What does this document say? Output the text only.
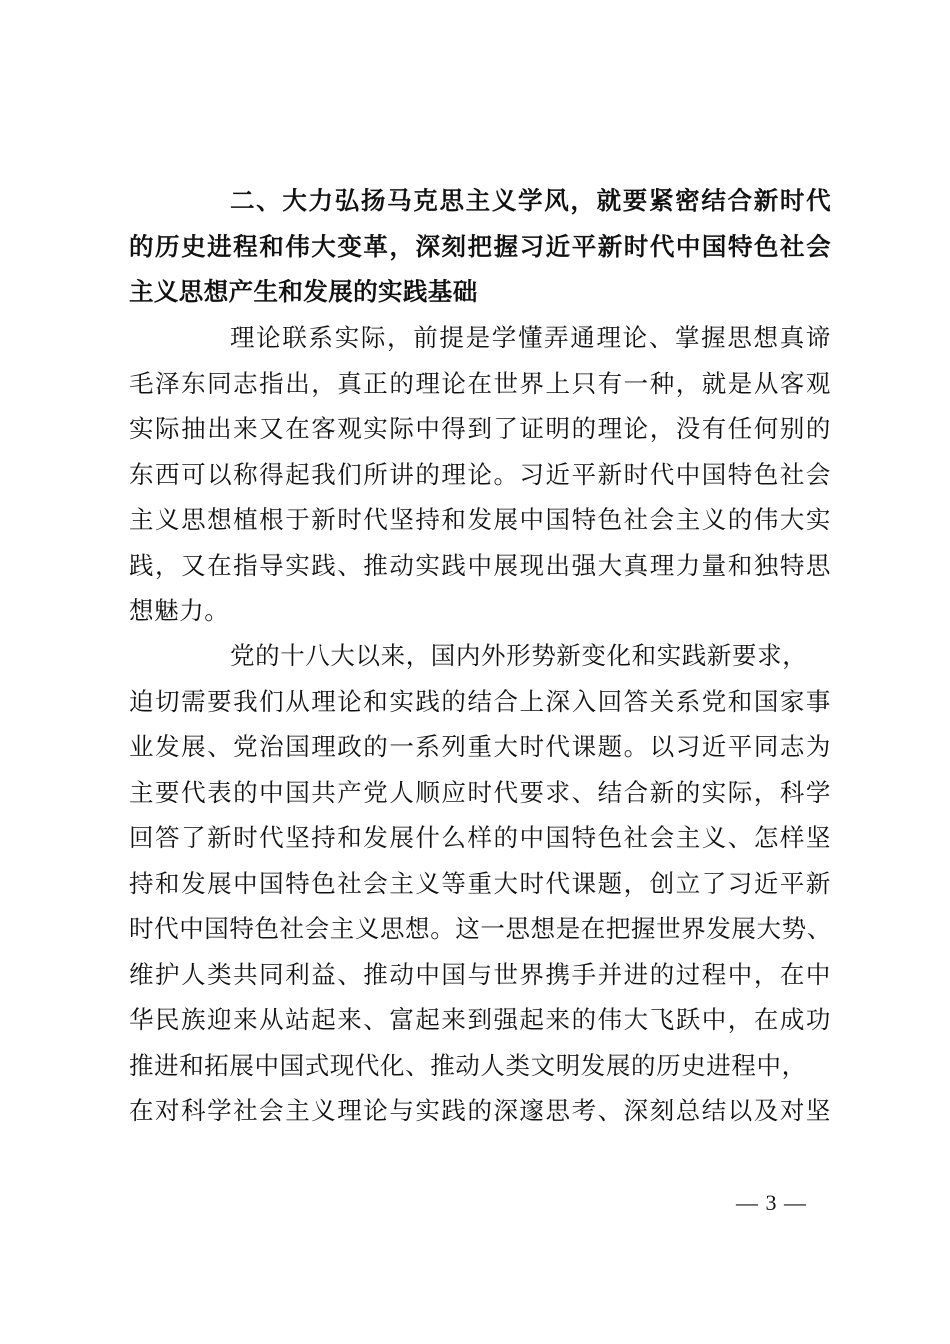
二、大力弘扬马克思主义学风，就要紧密结合新时代
的历史进程和伟大变革，深刻把握习近平新时代中国特色社会
主义思想产生和发展的实践基础
理论联系实际，前提是学懂弄通理论、掌握思想真谛
毛泽东同志指出，真正的理论在世界上只有一种，就是从客观
实际抽出来又在客观实际中得到了证明的理论，没有任何别的
东西可以称得起我们所讲的理论。习近平新时代中国特色社会
主义思想植根于新时代坚持和发展中国特色社会主义的伟大实
践，又在指导实践、推动实践中展现出强大真理力量和独特思
想魅力。
党的十八大以来，国内外形势新变化和实践新要求，
迫切需要我们从理论和实践的结合上深入回答关系党和国家事
业发展、党治国理政的一系列重大时代课题。以习近平同志为
主要代表的中国共产党人顺应时代要求、结合新的实际，科学
回答了新时代坚持和发展什么样的中国特色社会主义、怎样坚
持和发展中国特色社会主义等重大时代课题，创立了习近平新
时代中国特色社会主义思想。这一思想是在把握世界发展大势、
维护人类共同利益、推动中国与世界携手并进的过程中，在中
华民族迎来从站起来、富起来到强起来的伟大飞跃中，在成功
推进和拓展中国式现代化、推动人类文明发展的历史进程中，
在对科学社会主义理论与实践的深邃思考、深刻总结以及对坚
— 3 —
